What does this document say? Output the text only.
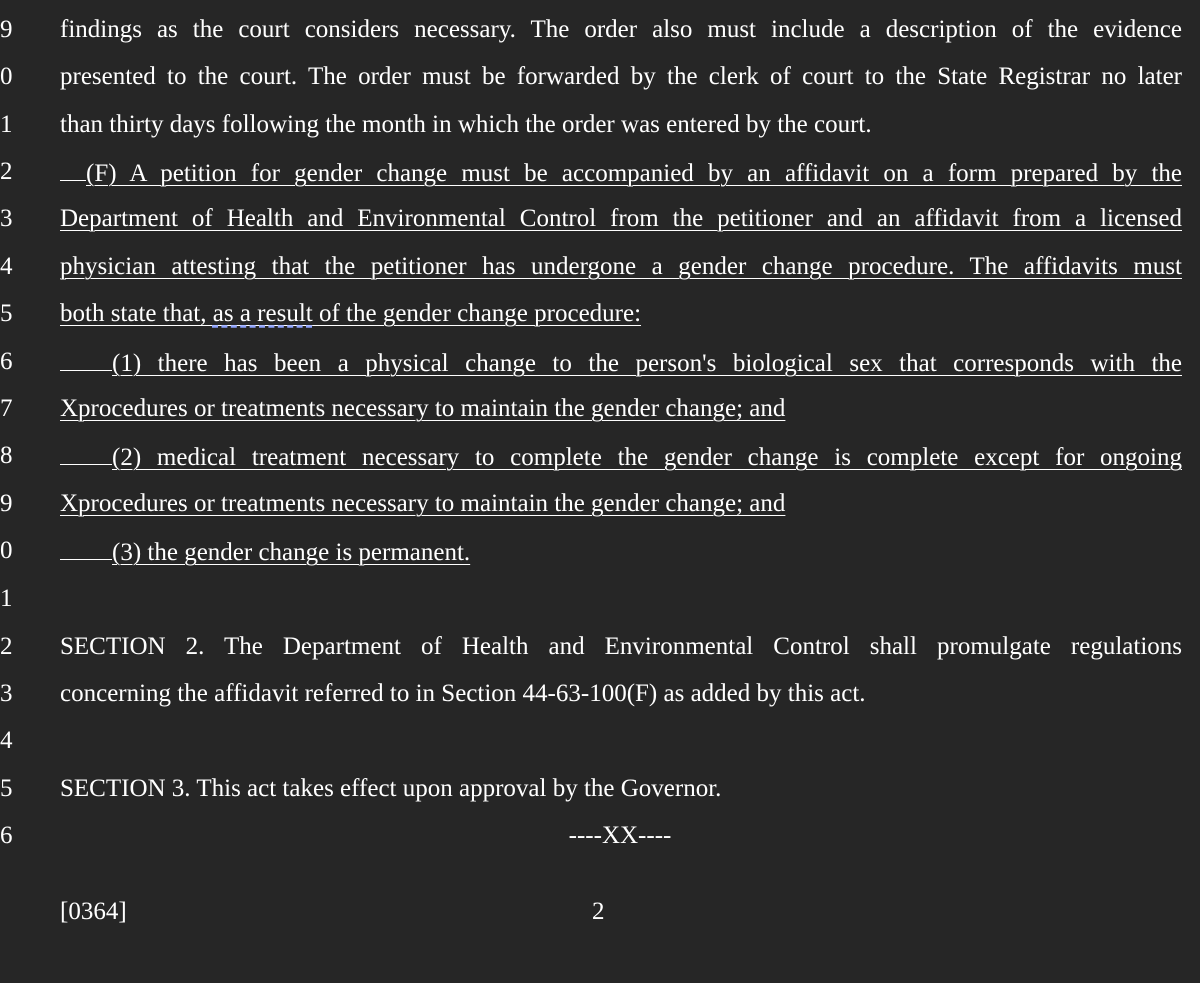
9 findings as the court considers necessary. The order also must include a description of the evidence
0 presented to the court. The order must be forwarded by the clerk of court to the State Registrar no later
1 than thirty days following the month in which the order was entered by the court.
2	(F) A petition for gender change must be accompanied by an affidavit on a form prepared by the
3 Department of Health and Environmental Control from the petitioner and an affidavit from a licensed
4 physician attesting that the petitioner has undergone a gender change procedure. The affidavits must
5 both state that, as a result of the gender change procedure:
6	(1) there has been a physical change to the person's biological sex that corresponds with the
7 Xprocedures or treatments necessary to maintain the gender change; and
8	(2) medical treatment necessary to complete the gender change is complete except for ongoing
9 Xprocedures or treatments necessary to maintain the gender change; and
0	(3) the gender change is permanent.
1
2 SECTION 2. The Department of Health and Environmental Control shall promulgate regulations
3 concerning the affidavit referred to in Section 44-63-100(F) as added by this act.
4
5 SECTION 3. This act takes effect upon approval by the Governor.
6	----XX----
[0364]	2
